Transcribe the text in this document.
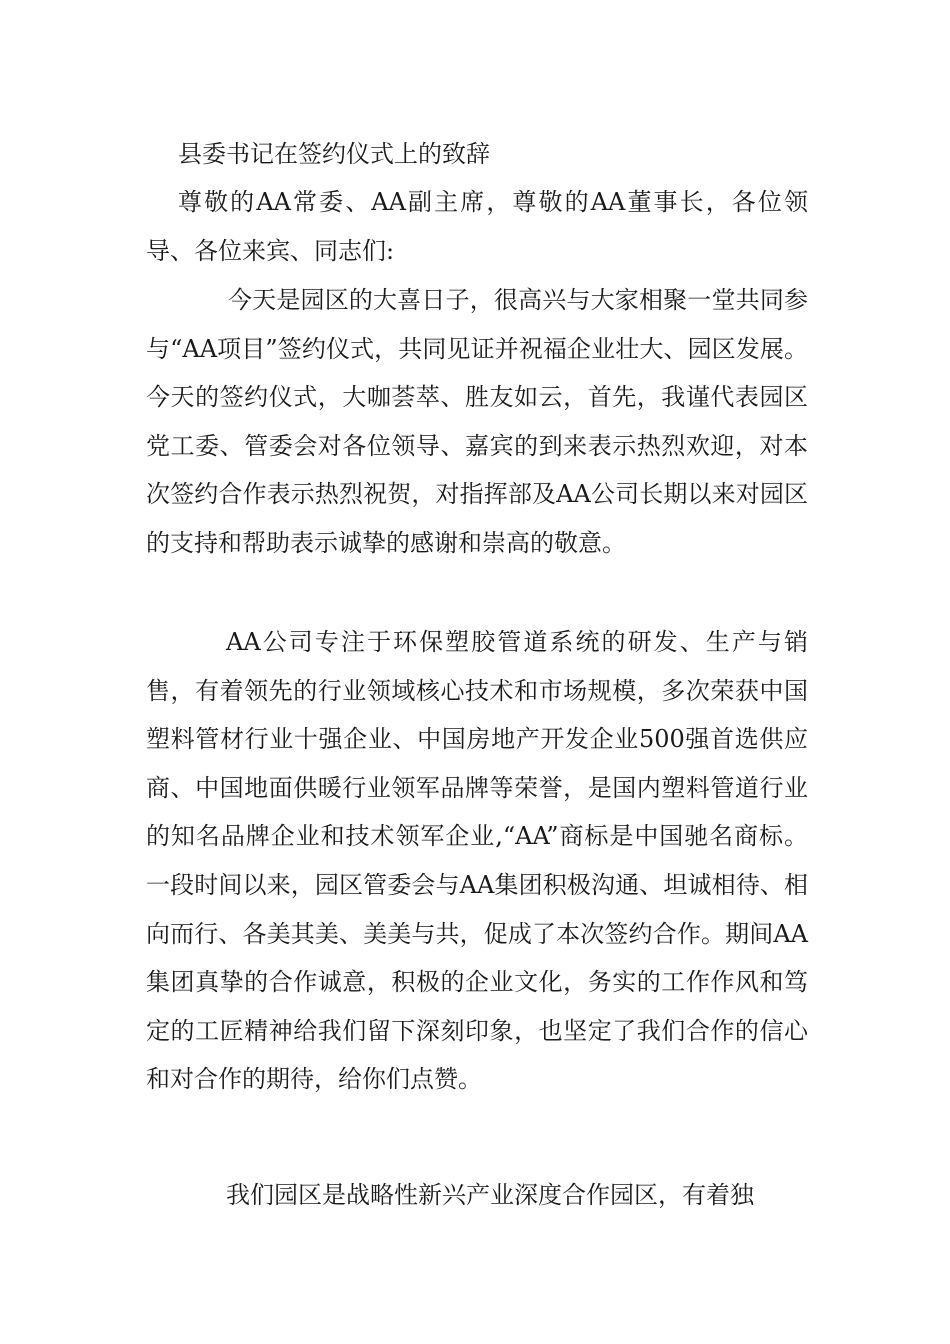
县委书记在签约仪式上的致辞

尊敬的AA常委、AA副主席，尊敬的AA董事长，各位领导、各位来宾、同志们:

今天是园区的大喜日子，很高兴与大家相聚一堂共同参与“AA项目”签约仪式，共同见证并祝福企业壮大、园区发展。今天的签约仪式，大咖荟萃、胜友如云，首先，我谨代表园区党工委、管委会对各位领导、嘉宾的到来表示热烈欢迎，对本次签约合作表示热烈祝贺，对指挥部及AA公司长期以来对园区的支持和帮助表示诚挚的感谢和崇高的敬意。

AA公司专注于环保塑胶管道系统的研发、生产与销售，有着领先的行业领域核心技术和市场规模，多次荣获中国塑料管材行业十强企业、中国房地产开发企业500强首选供应商、中国地面供暖行业领军品牌等荣誉，是国内塑料管道行业的知名品牌企业和技术领军企业,“AA”商标是中国驰名商标。一段时间以来，园区管委会与AA集团积极沟通、坦诚相待、相向而行、各美其美、美美与共，促成了本次签约合作。期间AA集团真挚的合作诚意，积极的企业文化，务实的工作作风和笃定的工匠精神给我们留下深刻印象，也坚定了我们合作的信心和对合作的期待，给你们点赞。

我们园区是战略性新兴产业深度合作园区，有着独
